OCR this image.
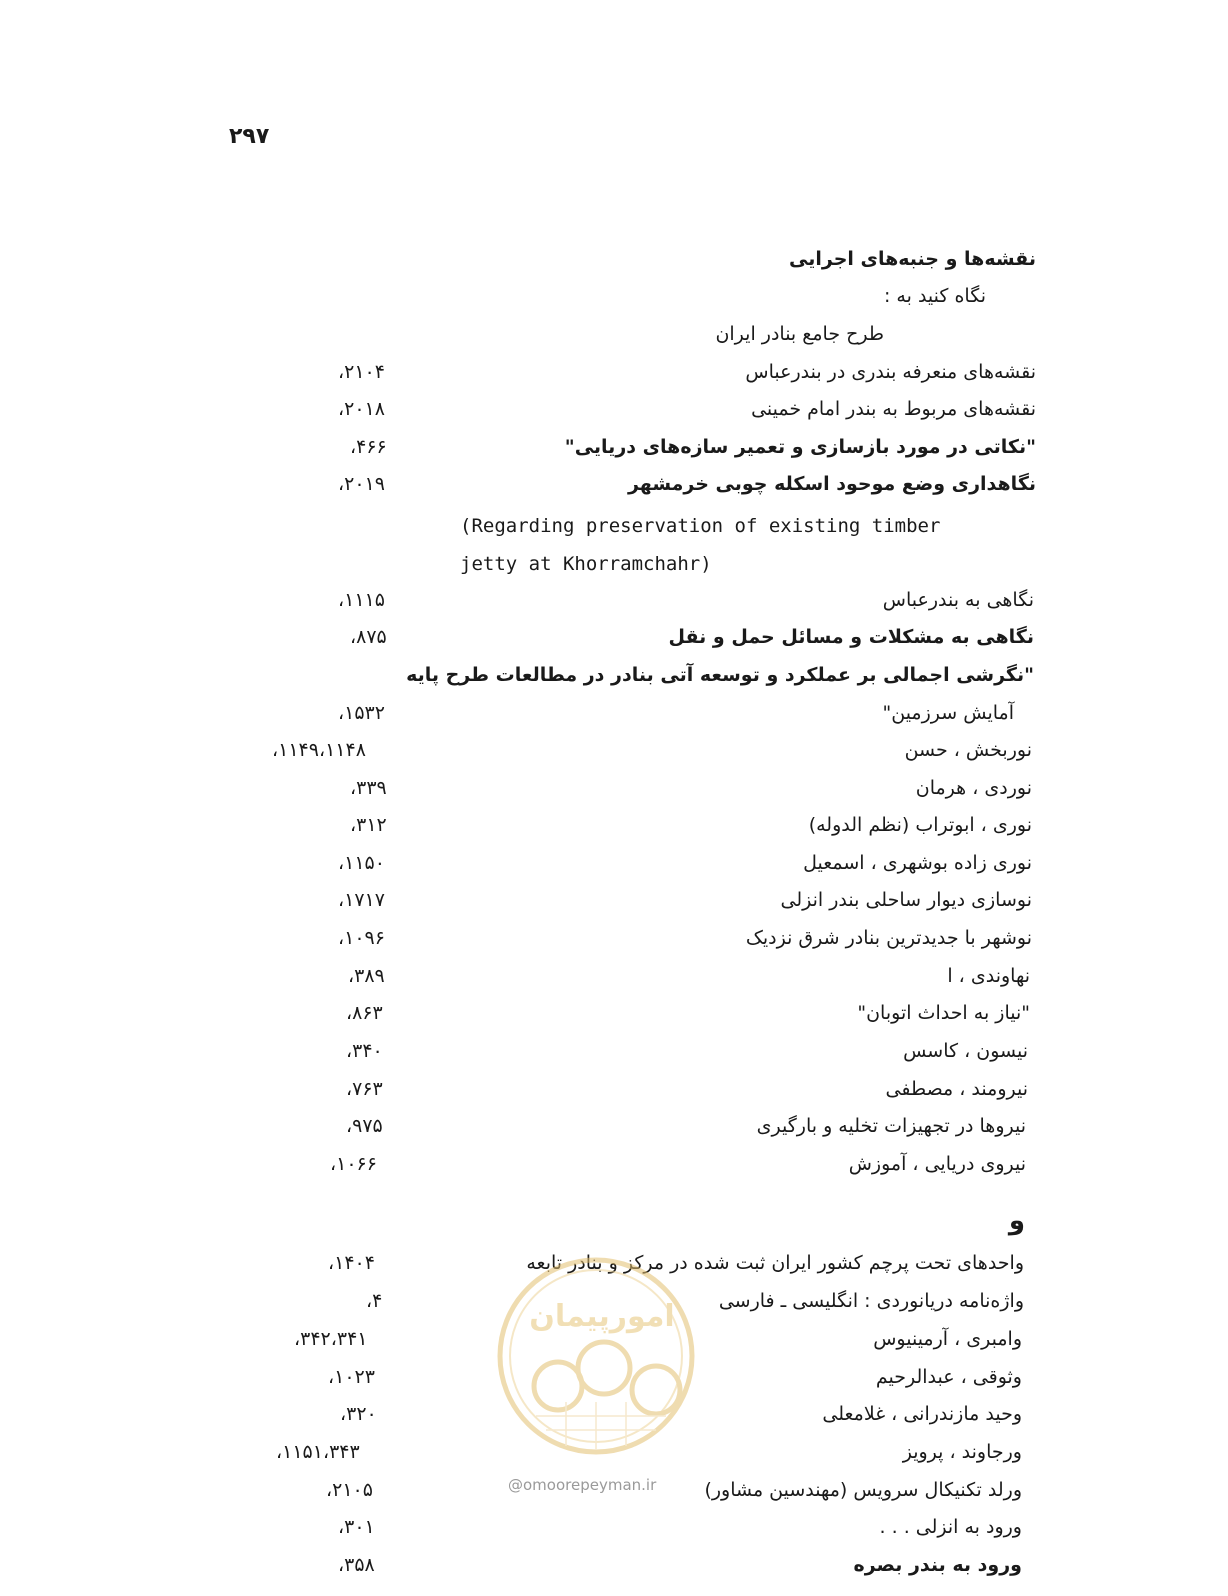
۲۹۷
نقشه‌ها و جنبه‌های اجرایی
نگاه کنید به :
طرح جامع بنادر ایران
نقشه‌های منعرفه بندری در بندرعباس
۲۱۰۴،
نقشه‌های مربوط به بندر امام خمینی
۲۰۱۸،
"نکاتی در مورد بازسازی و تعمیر سازه‌های دریایی"
۴۶۶،
نگاهداری وضع موحود اسکله چوبی خرمشهر
۲۰۱۹،
(Regarding preservation of existing timber
jetty at Khorramchahr)
نگاهی به بندرعباس
۱۱۱۵،
نگاهی به مشکلات و مسائل حمل و نقل
۸۷۵،
"نگرشی اجمالی بر عملکرد و توسعه آتی بنادر در مطالعات طرح پایه
آمایش سرزمین"
۱۵۳۲،
نوربخش ، حسن
۱۱۴۹،۱۱۴۸،
نوردی ، هرمان
۳۳۹،
نوری ، ابوتراب (نظم الدوله)
۳۱۲،
نوری زاده بوشهری ، اسمعیل
۱۱۵۰،
نوسازی دیوار ساحلی بندر انزلی
۱۷۱۷،
نوشهر با جدیدترین بنادر شرق نزدیک
۱۰۹۶،
نهاوندی ، ا
۳۸۹،
"نیاز به احداث اتوبان"
۸۶۳،
نیسون ، کاسس
۳۴۰،
نیرومند ، مصطفی
۷۶۳،
نیروها در تجهیزات تخلیه و بارگیری
۹۷۵،
نیروی دریایی ، آموزش
۱۰۶۶،
و
واحدهای تحت پرچم کشور ایران ثبت شده در مرکز و بنادر تابعه
۱۴۰۴،
واژه‌نامه دریانوردی : انگلیسی ـ فارسی
۴،
وامبری ، آرمینیوس
۳۴۲،۳۴۱،
وثوقی ، عبدالرحیم
۱۰۲۳،
وحید مازندرانی ، غلامعلی
۳۲۰،
ورجاوند ، پرویز
۱۱۵۱،۳۴۳،
ورلد تکنیکال سرویس (مهندسین مشاور)
۲۱۰۵،
ورود به انزلی . . .
۳۰۱،
ورود به بندر بصره
۳۵۸،
امورپیمان
@omoorepeyman.ir
